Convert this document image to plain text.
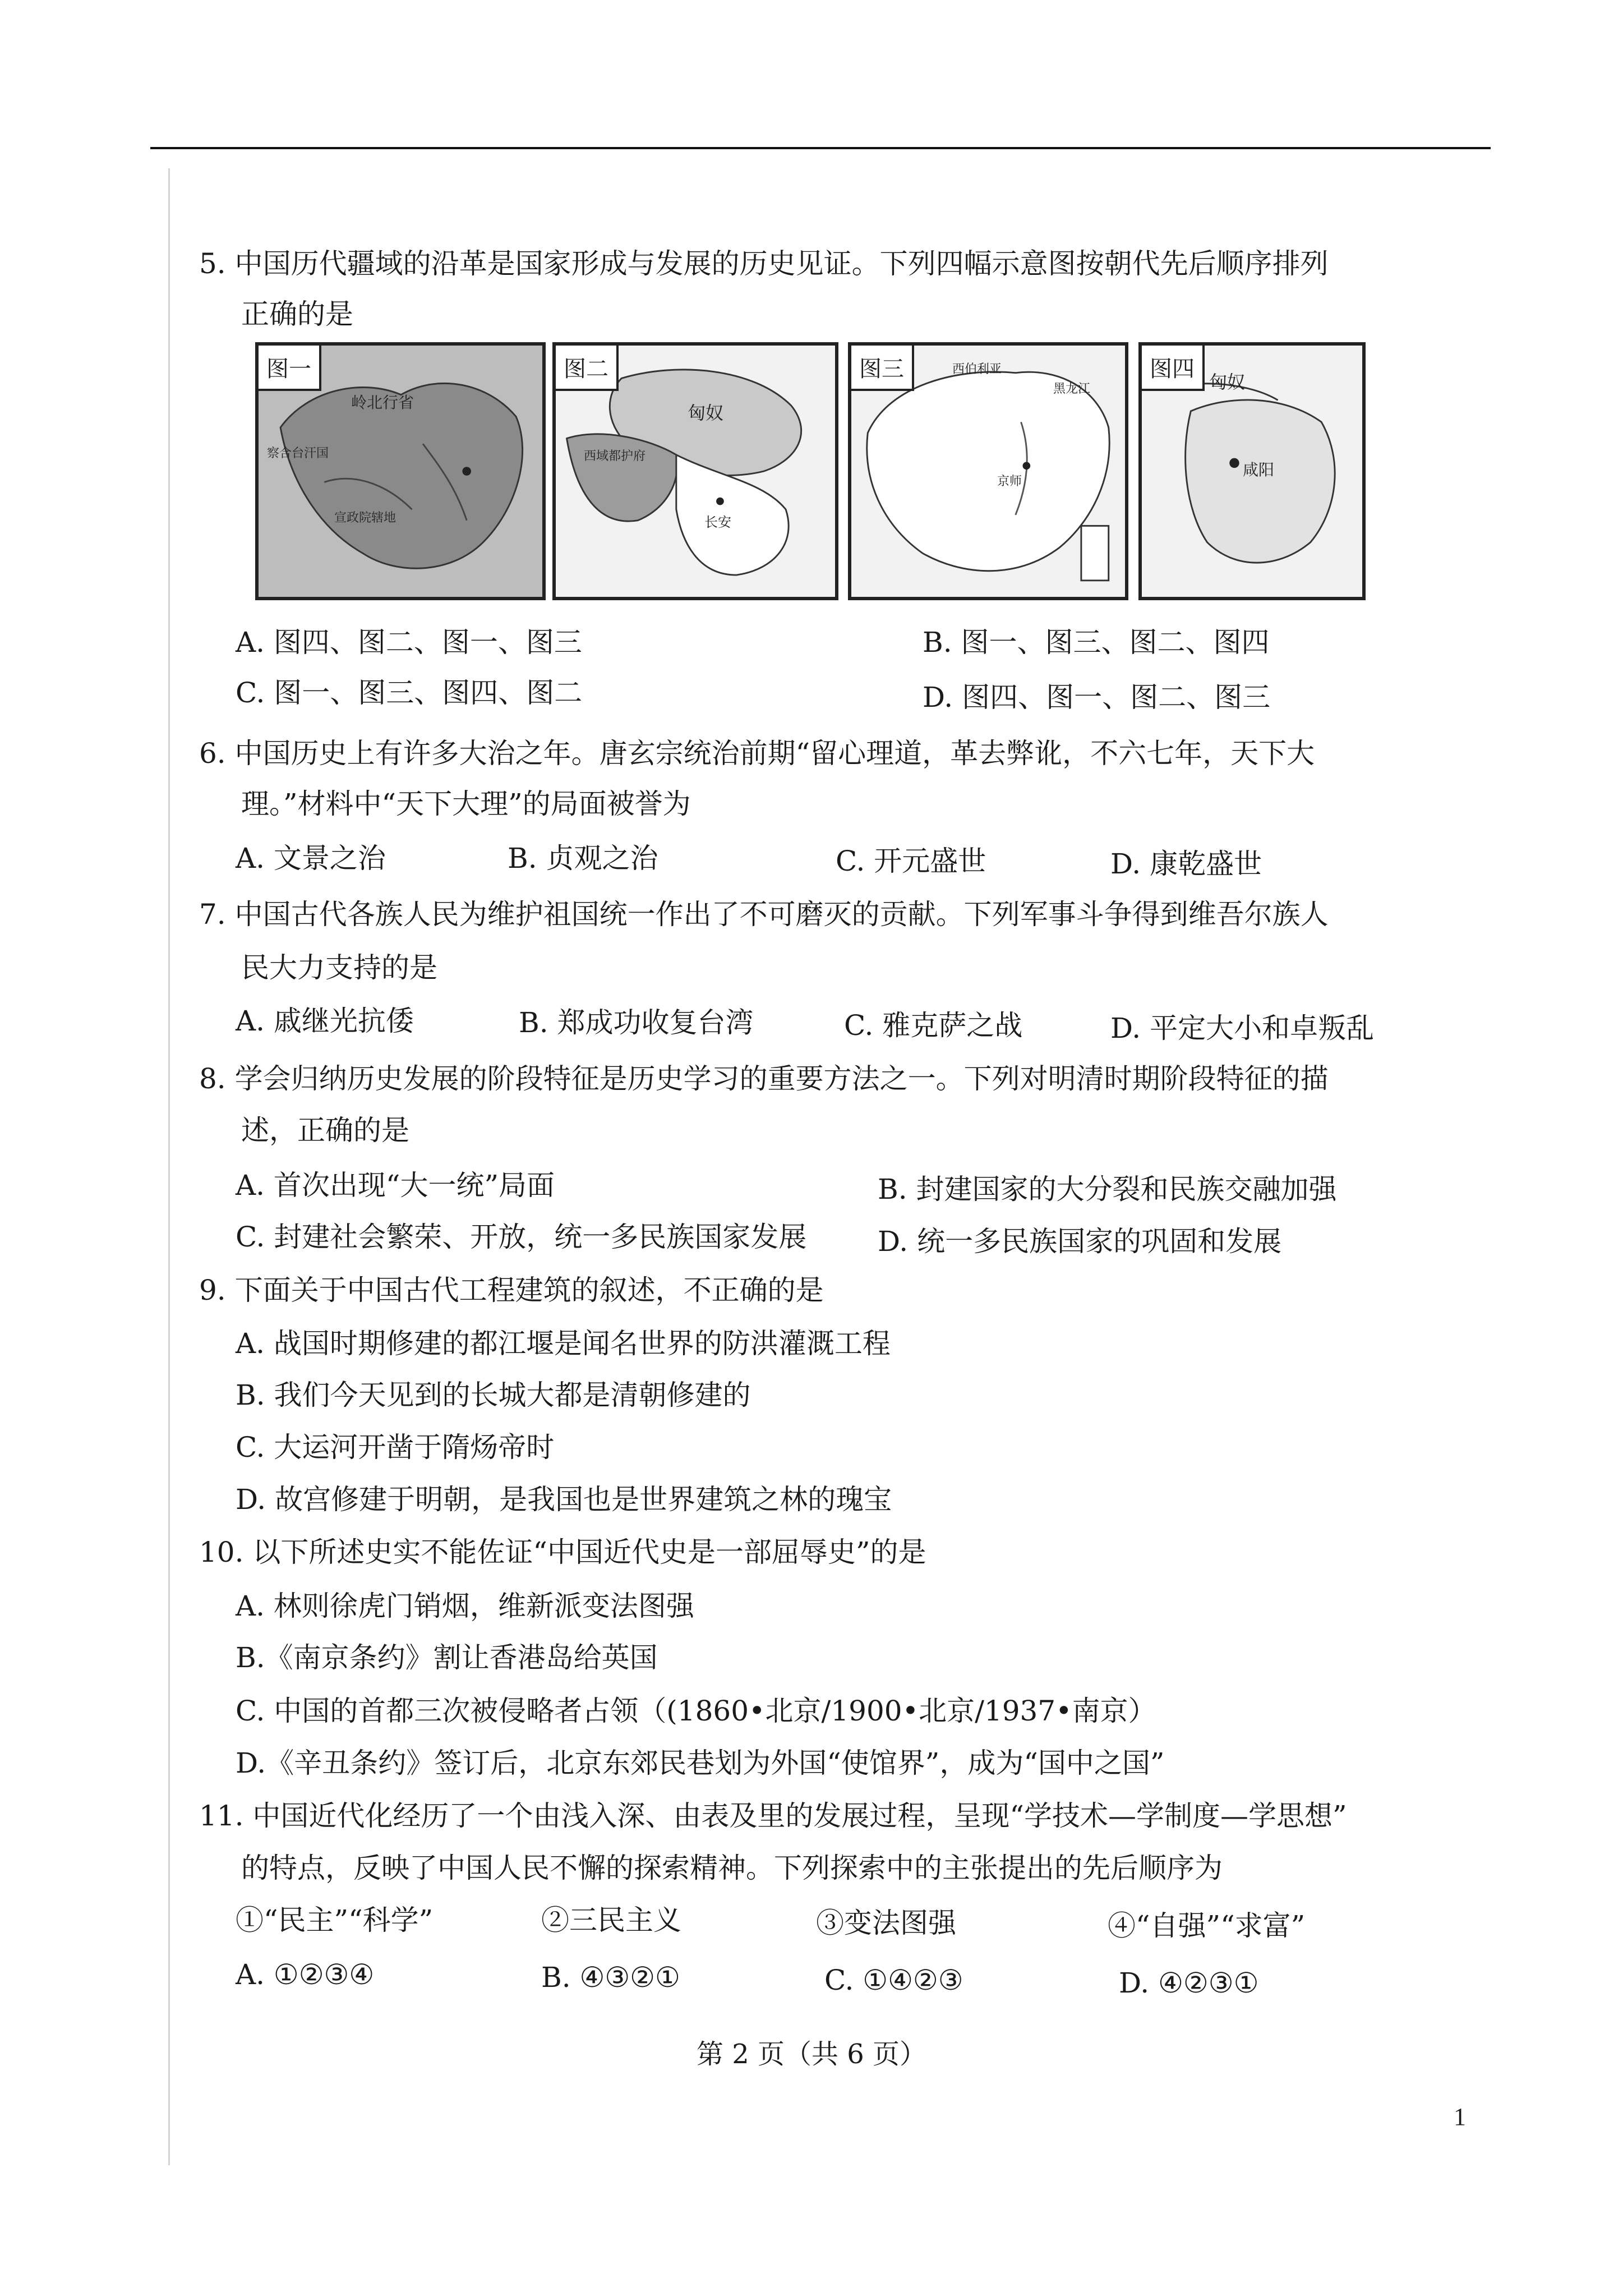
5. 中国历代疆域的沿革是国家形成与发展的历史见证。下列四幅示意图按朝代先后顺序排列
正确的是
图一
岭北行省
察合台汗国
宣政院辖地
图二
匈奴
西域都护府
长安
图三	西伯利亚
京师
黑龙江
图四 匈奴
咸阳
A. 图四、图二、图一、图三	B. 图一、图三、图二、图四
C. 图一、图三、图四、图二	D. 图四、图一、图二、图三
6. 中国历史上有许多大治之年。唐玄宗统治前期“留心理道，革去弊讹，不六七年，天下大
理。”材料中“天下大理”的局面被誉为
A. 文景之治	B. 贞观之治	C. 开元盛世	D. 康乾盛世
7. 中国古代各族人民为维护祖国统一作出了不可磨灭的贡献。下列军事斗争得到维吾尔族人
民大力支持的是
A. 戚继光抗倭	B. 郑成功收复台湾	C. 雅克萨之战	D. 平定大小和卓叛乱
8. 学会归纳历史发展的阶段特征是历史学习的重要方法之一。下列对明清时期阶段特征的描
述，正确的是
A. 首次出现“大一统”局面	B. 封建国家的大分裂和民族交融加强
C. 封建社会繁荣、开放，统一多民族国家发展	D. 统一多民族国家的巩固和发展
9. 下面关于中国古代工程建筑的叙述，不正确的是
A. 战国时期修建的都江堰是闻名世界的防洪灌溉工程
B. 我们今天见到的长城大都是清朝修建的
C. 大运河开凿于隋炀帝时
D. 故宫修建于明朝，是我国也是世界建筑之林的瑰宝
10. 以下所述史实不能佐证“中国近代史是一部屈辱史”的是
A. 林则徐虎门销烟，维新派变法图强
B.《南京条约》割让香港岛给英国
C. 中国的首都三次被侵略者占领（(1860•北京/1900•北京/1937•南京）
D.《辛丑条约》签订后，北京东郊民巷划为外国“使馆界”，成为“国中之国”
11. 中国近代化经历了一个由浅入深、由表及里的发展过程，呈现“学技术—学制度—学思想”
的特点，反映了中国人民不懈的探索精神。下列探索中的主张提出的先后顺序为
①“民主”“科学”	②三民主义	③变法图强	④“自强”“求富”
A. ①②③④	B. ④③②①	C. ①④②③	D. ④②③①
第 2 页（共 6 页）
1
